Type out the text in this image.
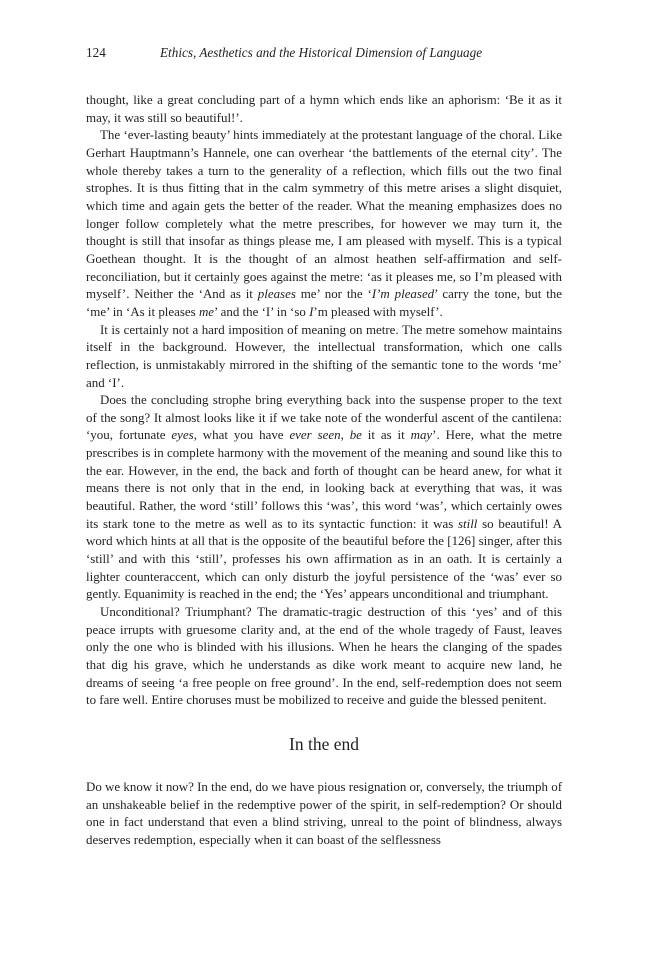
124	Ethics, Aesthetics and the Historical Dimension of Language

thought, like a great concluding part of a hymn which ends like an aphorism: ‘Be it as it may, it was still so beautiful!’.

The ‘ever-lasting beauty’ hints immediately at the protestant language of the choral. Like Gerhart Hauptmann’s Hannele, one can overhear ‘the battlements of the eternal city’. The whole thereby takes a turn to the generality of a reflection, which fills out the two final strophes. It is thus fitting that in the calm symmetry of this metre arises a slight disquiet, which time and again gets the better of the reader. What the meaning emphasizes does no longer follow completely what the metre prescribes, for however we may turn it, the thought is still that insofar as things please me, I am pleased with myself. This is a typical Goethean thought. It is the thought of an almost heathen self-affirmation and self-reconciliation, but it certainly goes against the metre: ‘as it pleases me, so I’m pleased with myself’. Neither the ‘And as it pleases me’ nor the ‘I’m pleased’ carry the tone, but the ‘me’ in ‘As it pleases me’ and the ‘I’ in ‘so I’m pleased with myself’.

It is certainly not a hard imposition of meaning on metre. The metre somehow maintains itself in the background. However, the intellectual transformation, which one calls reflection, is unmistakably mirrored in the shifting of the semantic tone to the words ‘me’ and ‘I’.

Does the concluding strophe bring everything back into the suspense proper to the text of the song? It almost looks like it if we take note of the wonderful ascent of the cantilena: ‘you, fortunate eyes, what you have ever seen, be it as it may’. Here, what the metre prescribes is in complete harmony with the movement of the meaning and sound like this to the ear. However, in the end, the back and forth of thought can be heard anew, for what it means there is not only that in the end, in looking back at everything that was, it was beautiful. Rather, the word ‘still’ follows this ‘was’, this word ‘was’, which certainly owes its stark tone to the metre as well as to its syntactic function: it was still so beautiful! A word which hints at all that is the opposite of the beautiful before the [126] singer, after this ‘still’ and with this ‘still’, professes his own affirmation as in an oath. It is certainly a lighter counteraccent, which can only disturb the joyful persistence of the ‘was’ ever so gently. Equanimity is reached in the end; the ‘Yes’ appears unconditional and triumphant.

Unconditional? Triumphant? The dramatic-tragic destruction of this ‘yes’ and of this peace irrupts with gruesome clarity and, at the end of the whole tragedy of Faust, leaves only the one who is blinded with his illusions. When he hears the clanging of the spades that dig his grave, which he understands as dike work meant to acquire new land, he dreams of seeing ‘a free people on free ground’. In the end, self-redemption does not seem to fare well. Entire choruses must be mobilized to receive and guide the blessed penitent.

In the end

Do we know it now? In the end, do we have pious resignation or, conversely, the triumph of an unshakeable belief in the redemptive power of the spirit, in self-redemption? Or should one in fact understand that even a blind striving, unreal to the point of blindness, always deserves redemption, especially when it can boast of the selflessness
